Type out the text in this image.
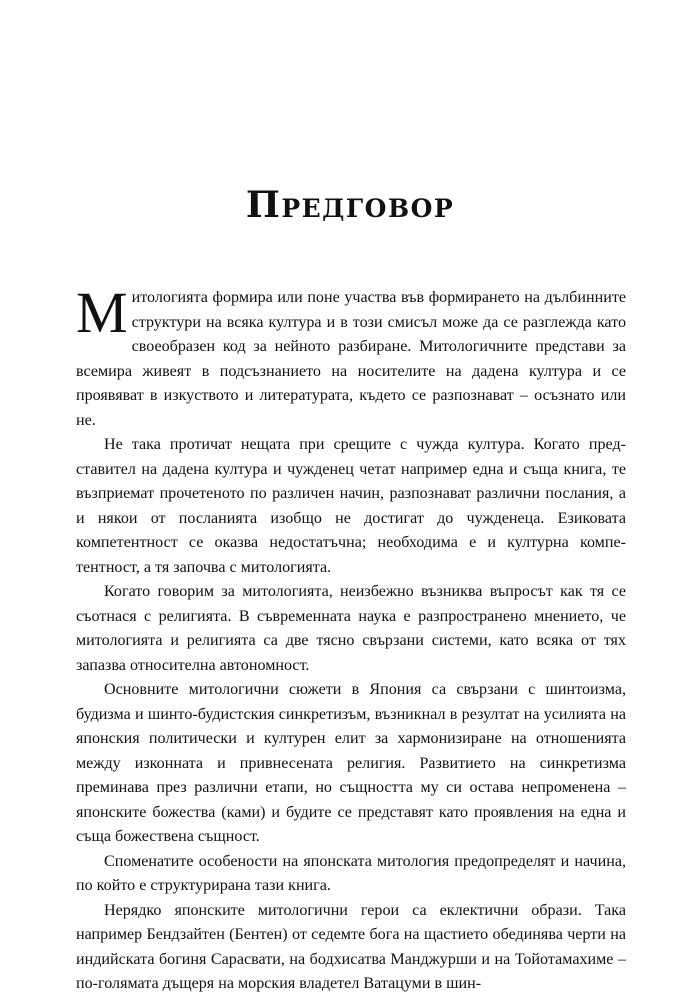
Предговор

Митологията формира или поне участва във формирането на дълбинните структури на всяка култура и в този смисъл може да се разглежда като своеобразен код за нейното разбиране. Митологичните представи за всемира живеят в подсъзнанието на носителите на дадена култура и се проявяват в изкуството и литературата, където се разпознават – осъзнато или не.

Не така протичат нещата при срещите с чужда култура. Когато представител на дадена култура и чужденец четат например една и съща книга, те възприемат прочетеното по различен начин, разпознават различни послания, а и някои от посланията изобщо не достигат до чужденеца. Езиковата компетентност се оказва недостатъчна; необходима е и културна компетентност, а тя започва с митологията.

Когато говорим за митологията, неизбежно възниква въпросът как тя се съотнася с религията. В съвременната наука е разпространено мнението, че митологията и религията са две тясно свързани системи, като всяка от тях запазва относителна автономност.

Основните митологични сюжети в Япония са свързани с шинтоизма, будизма и шинто-будистския синкретизъм, възникнал в резултат на усилията на японския политически и културен елит за хармонизиране на отношенията между изконната и привнесената религия. Развитието на синкретизма преминава през различни етапи, но същността му си остава непроменена – японските божества (ками) и будите се представят като проявления на една и съща божествена същност.

Споменатите особености на японската митология предопределят и начина, по който е структурирана тази книга.

Нерядко японските митологични герои са еклектични образи. Така например Бендзайтен (Бентен) от седемте бога на щастието обединява черти на индийската богиня Сарасвати, на бодхисатва Манджурши и на Тойотамахиме – по-голямата дъщеря на морския владетел Ватацуми в шин-
